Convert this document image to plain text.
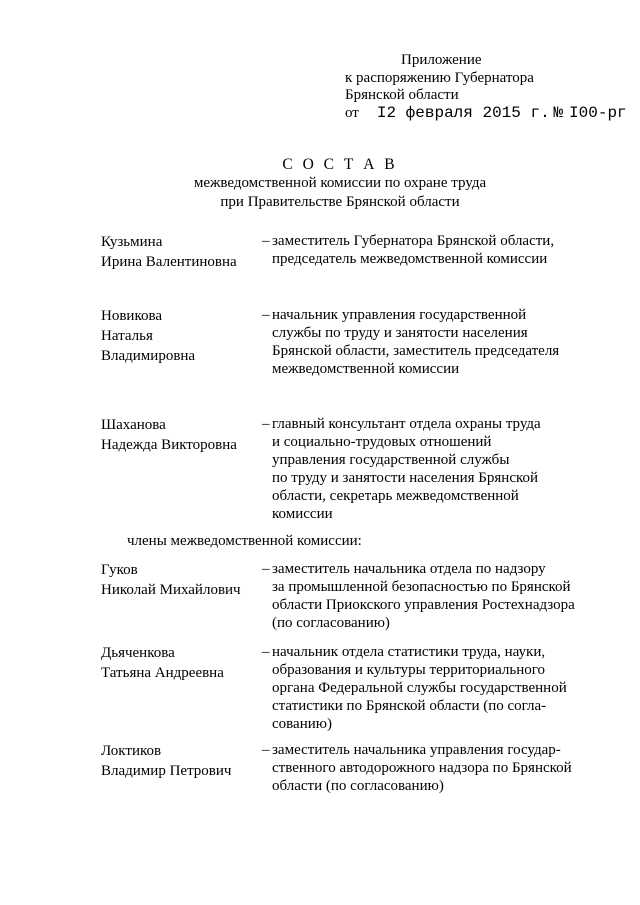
Приложение
к распоряжению Губернатора
Брянской области
от I2 февраля 2015 г. № I00-рг
С О С Т А В
межведомственной комиссии по охране труда
при Правительстве Брянской области
Кузьмина
Ирина Валентиновна
– заместитель Губернатора Брянской области,
председатель межведомственной комиссии
Новикова
Наталья
Владимировна
– начальник управления государственной
службы по труду и занятости населения
Брянской области, заместитель председателя
межведомственной комиссии
Шаханова
Надежда Викторовна
– главный консультант отдела охраны труда
и социально-трудовых отношений
управления государственной службы
по труду и занятости населения Брянской
области, секретарь межведомственной
комиссии
члены межведомственной комиссии:
Гуков
Николай Михайлович
– заместитель начальника отдела по надзору
за промышленной безопасностью по Брянской
области Приокского управления Ростехнадзора
(по согласованию)
Дьяченкова
Татьяна Андреевна
– начальник отдела статистики труда, науки,
образования и культуры территориального
органа Федеральной службы государственной
статистики по Брянской области (по согла-
сованию)
Локтиков
Владимир Петрович
– заместитель начальника управления государ-
ственного автодорожного надзора по Брянской
области (по согласованию)
